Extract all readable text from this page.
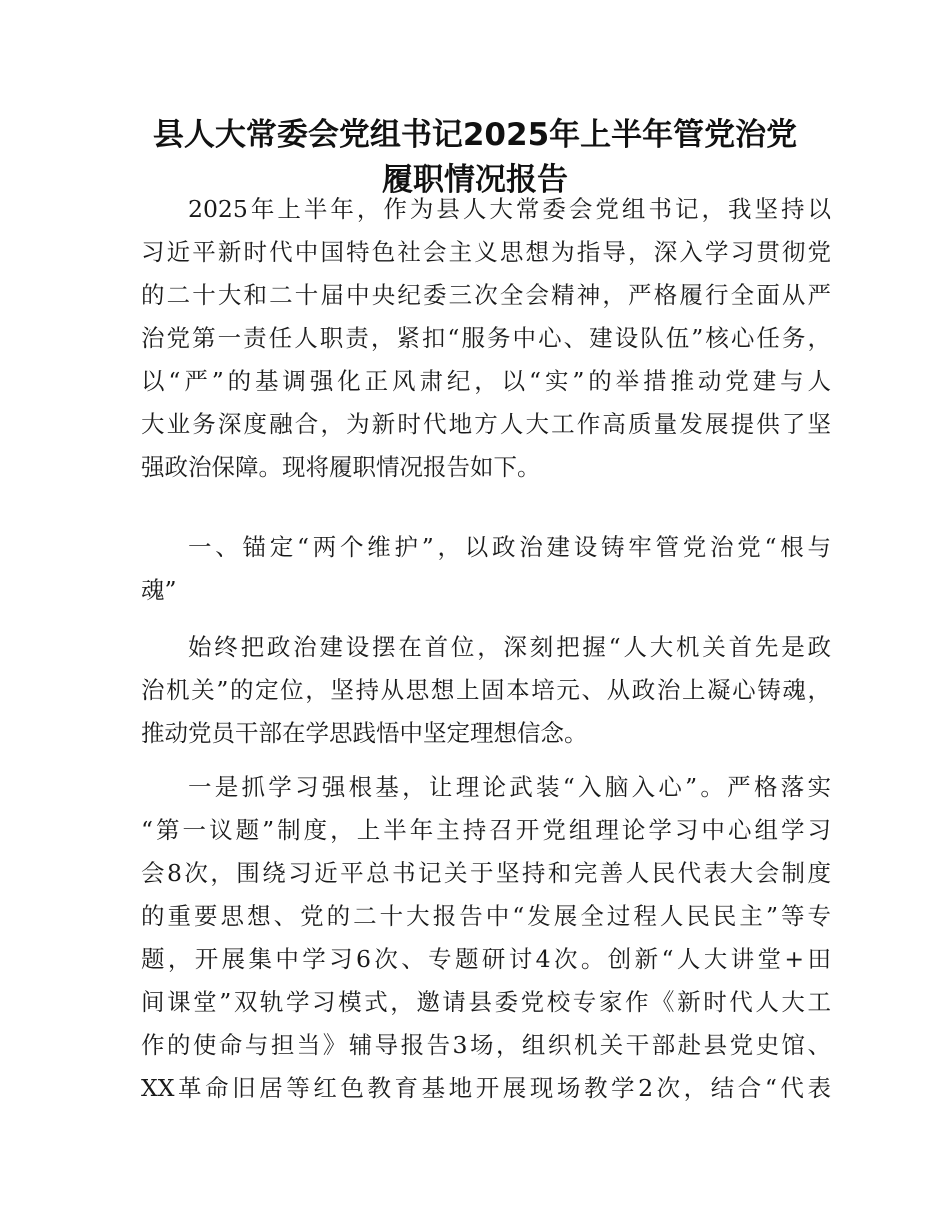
县人大常委会党组书记2025年上半年管党治党
履职情况报告

2025年上半年，作为县人大常委会党组书记，我坚持以

习近平新时代中国特色社会主义思想为指导，深入学习贯彻党

的二十大和二十届中央纪委三次全会精神，严格履行全面从严

治党第一责任人职责，紧扣“服务中心、建设队伍”核心任务，

以“严”的基调强化正风肃纪，以“实”的举措推动党建与人

大业务深度融合，为新时代地方人大工作高质量发展提供了坚

强政治保障。现将履职情况报告如下。

一、锚定“两个维护”，以政治建设铸牢管党治党“根与

魂”

始终把政治建设摆在首位，深刻把握“人大机关首先是政

治机关”的定位，坚持从思想上固本培元、从政治上凝心铸魂，

推动党员干部在学思践悟中坚定理想信念。

一是抓学习强根基，让理论武装“入脑入心”。严格落实

“第一议题”制度，上半年主持召开党组理论学习中心组学习

会8次，围绕习近平总书记关于坚持和完善人民代表大会制度

的重要思想、党的二十大报告中“发展全过程人民民主”等专

题，开展集中学习6次、专题研讨4次。创新“人大讲堂+田

间课堂”双轨学习模式，邀请县委党校专家作《新时代人大工

作的使命与担当》辅导报告3场，组织机关干部赴县党史馆、

XX革命旧居等红色教育基地开展现场教学2次，结合“代表
